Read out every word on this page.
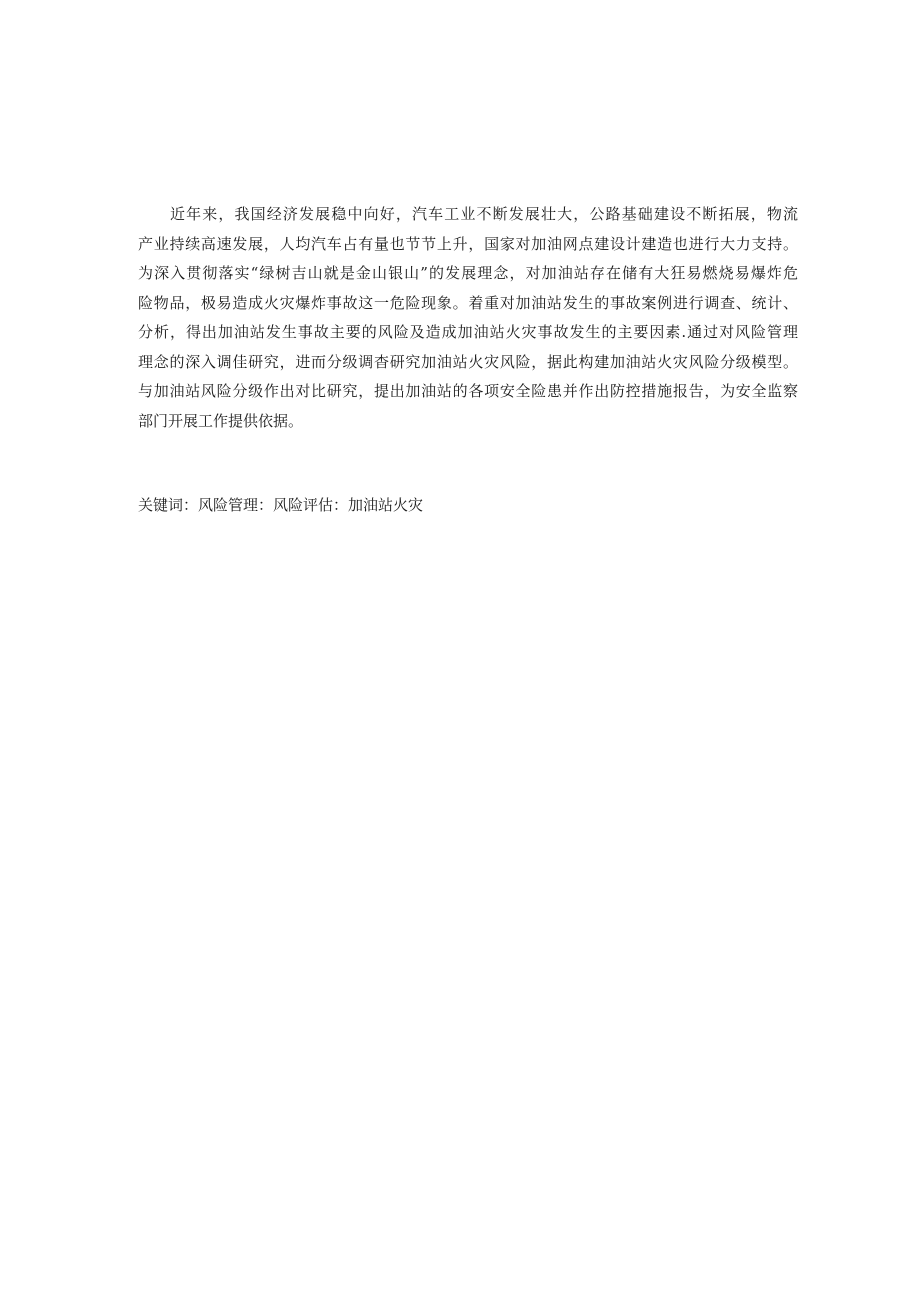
近年来，我国经济发展稳中向好，汽车工业不断发展壮大，公路基础建设不断拓展，物流
产业持续高速发展，人均汽车占有量也节节上升，国家对加油网点建设计建造也进行大力支持。
为深入贯彻落实“绿树吉山就是金山银山”的发展理念，对加油站存在储有大狂易燃烧易爆炸危
险物品，极易造成火灾爆炸事故这一危险现象。着重对加油站发生的事故案例进行调查、统计、
分析，得出加油站发生事故主要的风险及造成加油站火灾事故发生的主要因素.通过对风险管理
理念的深入调佳研究，进而分级调杳研究加油站火灾风险，据此构建加油站火灾风险分级模型。
与加油站风险分级作出对比研究，提出加油站的各项安全险患并作出防控措施报告，为安全监察
部门开展工作提供依据。
关键词：风险管理：风险评估：加油站火灾
